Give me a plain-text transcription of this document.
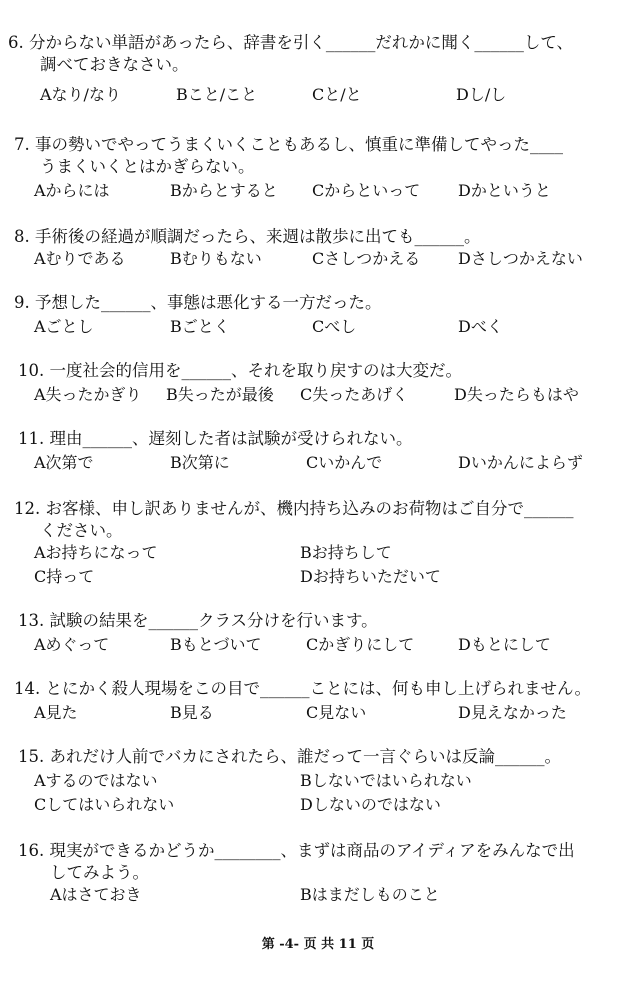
6. 分からない単語があったら、辞書を引く______だれかに聞く______して、
調べておきなさい。
Aなり/なり	Bこと/こと	Cと/と	Dし/し
7. 事の勢いでやってうまくいくこともあるし、慎重に準備してやった____
うまくいくとはかぎらない。
Aからには	Bからとすると Cからといって Dかというと
8. 手術後の経過が順調だったら、来週は散歩に出ても______。
Aむりである	Bむりもない	Cさしつかえる Dさしつかえない
9. 予想した______、事態は悪化する一方だった。
Aごとし	Bごとく	Cべし	Dべく
10. 一度社会的信用を______、それを取り戻すのは大変だ。
A失ったかぎり B失ったが最後 C失ったあげく	D失ったらもはや
11. 理由______、遅刻した者は試験が受けられない。
A次第で	B次第に	Cいかんで	Dいかんによらず
12. お客様、申し訳ありませんが、機内持ち込みのお荷物はご自分で______
ください。
Aお持ちになって	Bお持ちして
C持って	Dお持ちいただいて
13. 試験の結果を______クラス分けを行います。
Aめぐって	Bもとづいて	Cかぎりにして	Dもとにして
14. とにかく殺人現場をこの目で______ことには、何も申し上げられません。
A見た	B見る	C見ない	D見えなかった
15. あれだけ人前でバカにされたら、誰だって一言ぐらいは反論______。
Aするのではない	Bしないではいられない
Cしてはいられない	Dしないのではない
16. 現実ができるかどうか________、まずは商品のアイディアをみんなで出
してみよう。
Aはさておき	Bはまだしものこと
第 -4- 页 共 11 页
